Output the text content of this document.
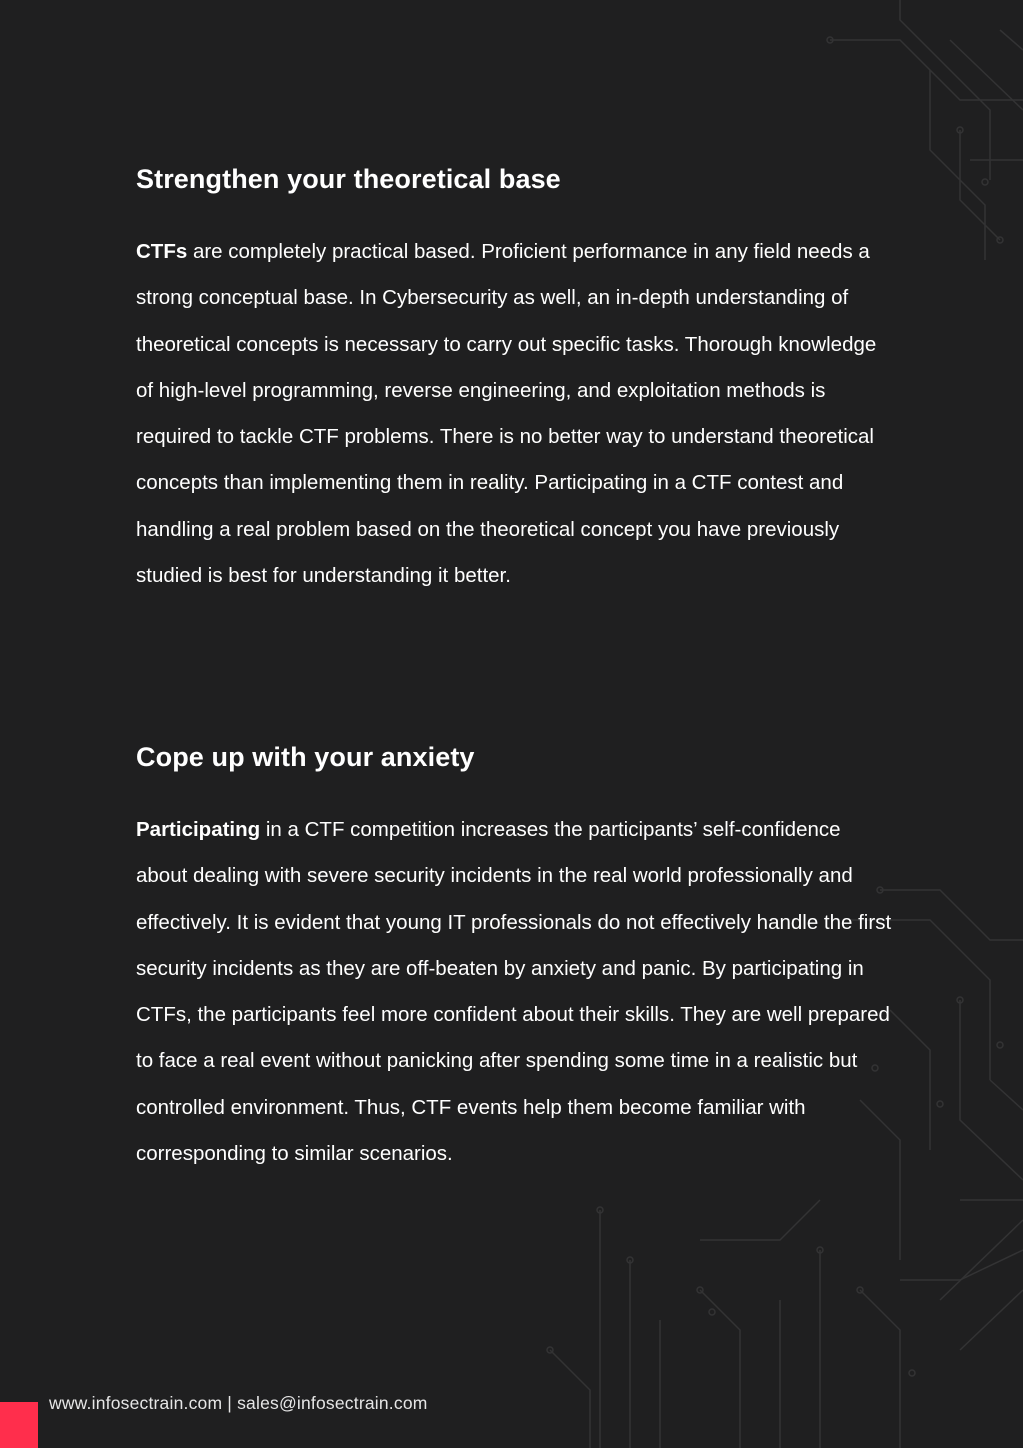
Strengthen your theoretical base

CTFs are completely practical based. Proficient performance in any field needs a strong conceptual base. In Cybersecurity as well, an in-depth understanding of theoretical concepts is necessary to carry out specific tasks. Thorough knowledge of high-level programming, reverse engineering, and exploitation methods is required to tackle CTF problems. There is no better way to understand theoretical concepts than implementing them in reality. Participating in a CTF contest and handling a real problem based on the theoretical concept you have previously studied is best for understanding it better.

Cope up with your anxiety

Participating in a CTF competition increases the participants’ self-confidence about dealing with severe security incidents in the real world professionally and effectively. It is evident that young IT professionals do not effectively handle the first security incidents as they are off-beaten by anxiety and panic. By participating in CTFs, the participants feel more confident about their skills. They are well prepared to face a real event without panicking after spending some time in a realistic but controlled environment. Thus, CTF events help them become familiar with corresponding to similar scenarios.

www.infosectrain.com | sales@infosectrain.com
